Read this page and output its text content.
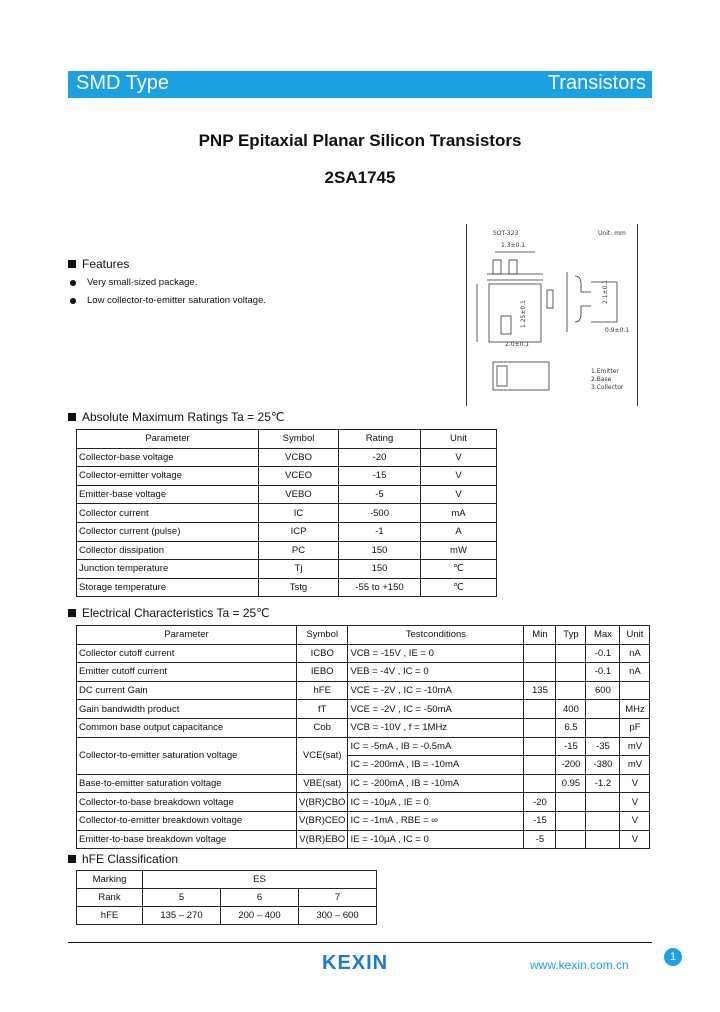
SMD Type	Transistors
PNP Epitaxial Planar Silicon Transistors
2SA1745
Features
Very small-sized package.
Low collector-to-emitter saturation voltage.
SOT-323	Unit: mm
1.3±0.1
2.0±0.1
2.1±0.1
1.25±0.1
0.9±0.1
1.Emitter
2.Base
3.Collector
Absolute Maximum Ratings Ta = 25℃
Parameter	Symbol	Rating	Unit
Collector-base voltage	VCBO	-20	V
Collector-emitter voltage	VCEO	-15	V
Emitter-base voltage	VEBO	-5	V
Collector current	IC	-500	mA
Collector current (pulse)	ICP	-1	A
Collector dissipation	PC	150	mW
Junction temperature	Tj	150	℃
Storage temperature	Tstg	-55 to +150	℃
Electrical Characteristics Ta = 25℃
Parameter	Symbol	Testconditions	Min	Typ	Max	Unit
Collector cutoff current	ICBO	VCB = -15V , IE = 0			-0.1	nA
Emitter cutoff current	IEBO	VEB = -4V , IC = 0			-0.1	nA
DC current Gain	hFE	VCE = -2V , IC = -10mA	135		600	
Gain bandwidth product	fT	VCE = -2V , IC = -50mA		400		MHz
Common base output capacitance	Cob	VCB = -10V , f = 1MHz		6.5		pF
Collector-to-emitter saturation voltage	VCE(sat)	IC = -5mA , IB = -0.5mA		-15	-35	mV
		IC = -200mA , IB = -10mA		-200	-380	mV
Base-to-emitter saturation voltage	VBE(sat)	IC = -200mA , IB = -10mA		0.95	-1.2	V
Collector-to-base breakdown voltage	V(BR)CBO	IC = -10μA , IE = 0	-20			V
Collector-to-emitter breakdown voltage	V(BR)CEO	IC = -1mA , RBE = ∞	-15			V
Emitter-to-base breakdown voltage	V(BR)EBO	IE = -10μA , IC = 0	-5			V
hFE Classification
Marking	ES		
Rank	5	6	7
hFE	135 – 270	200 – 400	300 – 600
1
KEXIN	www.kexin.com.cn
